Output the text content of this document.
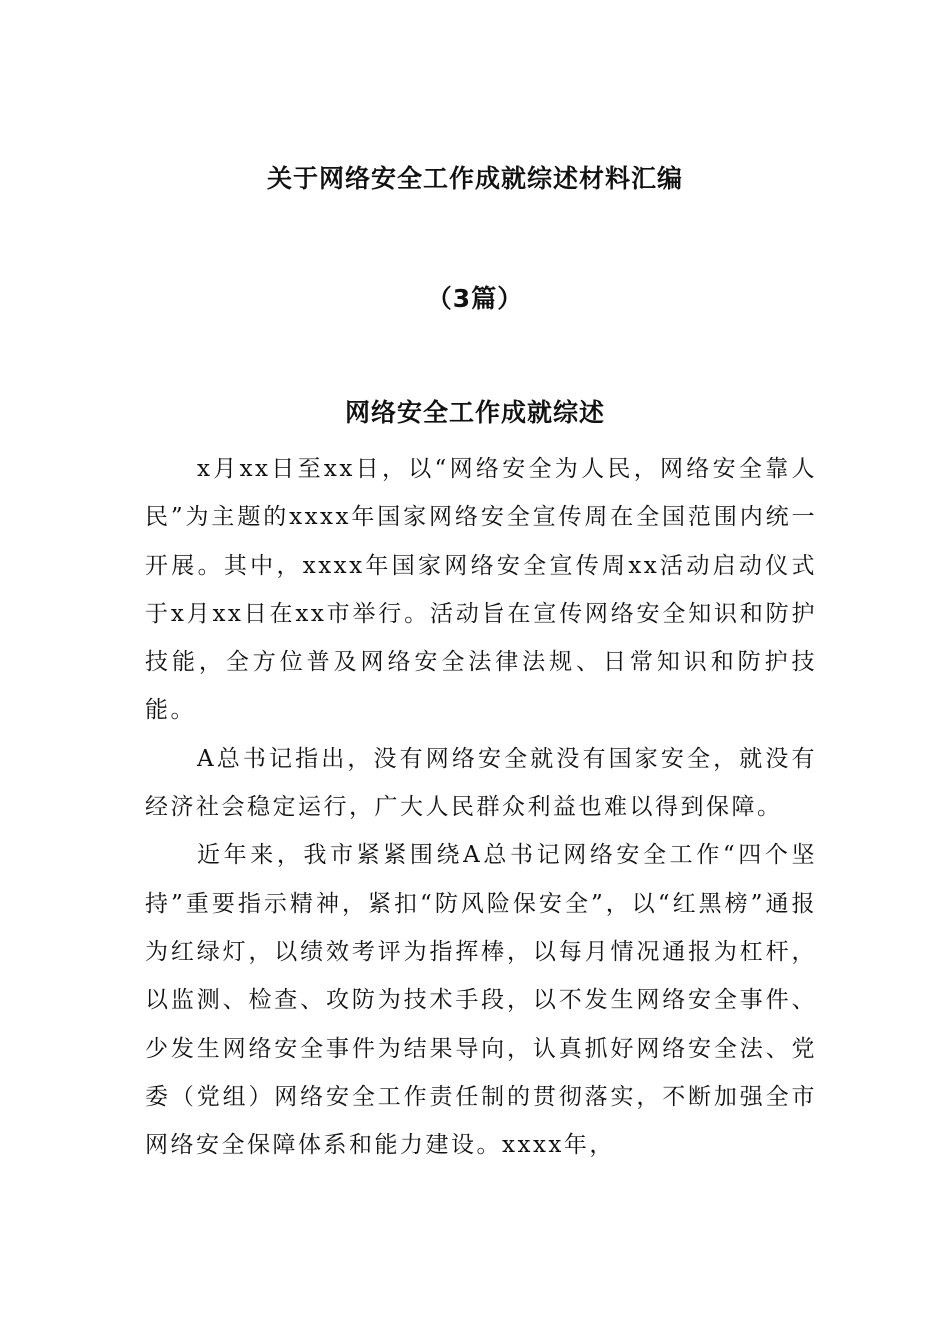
关于网络安全工作成就综述材料汇编
（3篇）
网络安全工作成就综述

x月xx日至xx日，以“网络安全为人民，网络安全靠人民”为主题的xxxx年国家网络安全宣传周在全国范围内统一开展。其中，xxxx年国家网络安全宣传周xx活动启动仪式于x月xx日在xx市举行。活动旨在宣传网络安全知识和防护技能，全方位普及网络安全法律法规、日常知识和防护技能。

A总书记指出，没有网络安全就没有国家安全，就没有经济社会稳定运行，广大人民群众利益也难以得到保障。

近年来，我市紧紧围绕A总书记网络安全工作“四个坚持”重要指示精神，紧扣“防风险保安全”，以“红黑榜”通报为红绿灯，以绩效考评为指挥棒，以每月情况通报为杠杆，以监测、检查、攻防为技术手段，以不发生网络安全事件、少发生网络安全事件为结果导向，认真抓好网络安全法、党委（党组）网络安全工作责任制的贯彻落实，不断加强全市网络安全保障体系和能力建设。xxxx年，
